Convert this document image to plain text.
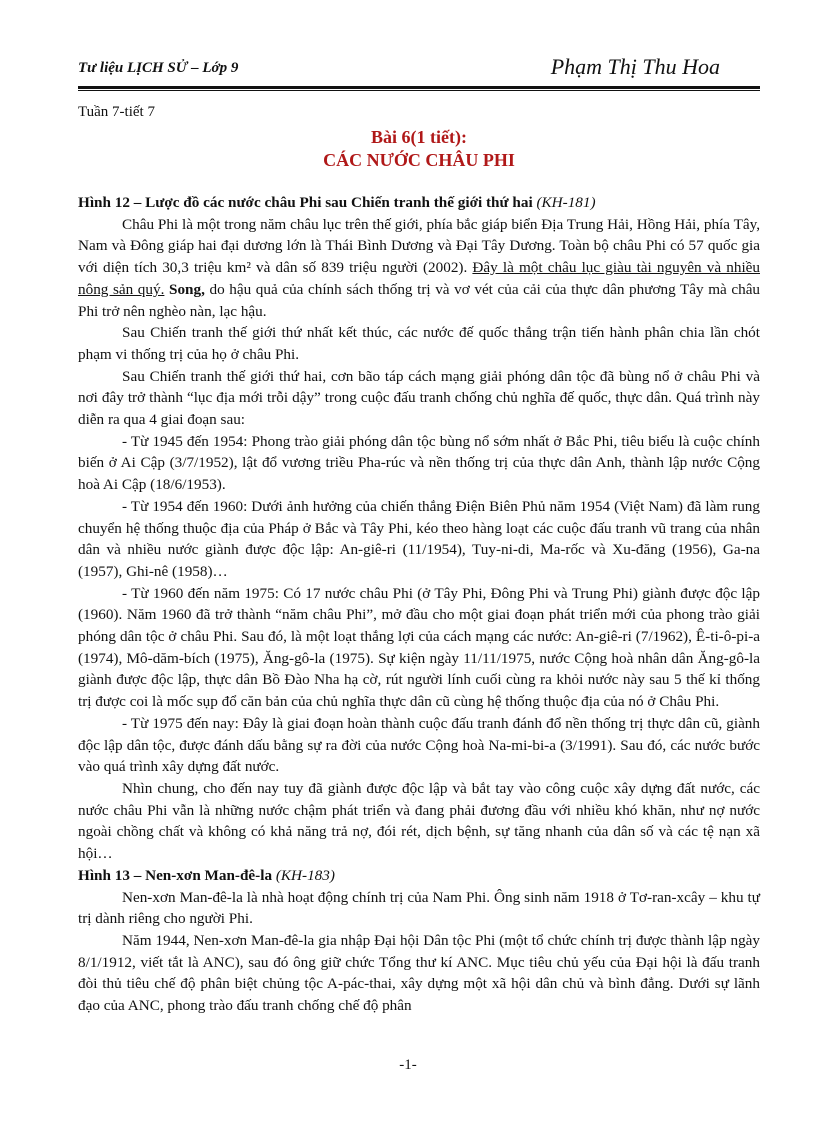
Tư liệu LỊCH SỬ – Lớp 9	Phạm Thị Thu Hoa
Tuần 7-tiết 7
Bài 6(1 tiết):
CÁC NƯỚC CHÂU PHI

Hình 12 – Lược đồ các nước châu Phi sau Chiến tranh thế giới thứ hai (KH-181)

Châu Phi là một trong năm châu lục trên thế giới, phía bắc giáp biển Địa Trung Hải, Hồng Hải, phía Tây, Nam và Đông giáp hai đại dương lớn là Thái Bình Dương và Đại Tây Dương. Toàn bộ châu Phi có 57 quốc gia với diện tích 30,3 triệu km² và dân số 839 triệu người (2002). Đây là một châu lục giàu tài nguyên và nhiều nông sản quý. Song, do hậu quả của chính sách thống trị và vơ vét của cải của thực dân phương Tây mà châu Phi trở nên nghèo nàn, lạc hậu.

Sau Chiến tranh thế giới thứ nhất kết thúc, các nước đế quốc thắng trận tiến hành phân chia lần chót phạm vi thống trị của họ ở châu Phi.

Sau Chiến tranh thế giới thứ hai, cơn bão táp cách mạng giải phóng dân tộc đã bùng nổ ở châu Phi và nơi đây trở thành “lục địa mới trỗi dậy” trong cuộc đấu tranh chống chủ nghĩa đế quốc, thực dân. Quá trình này diễn ra qua 4 giai đoạn sau:

- Từ 1945 đến 1954: Phong trào giải phóng dân tộc bùng nổ sớm nhất ở Bắc Phi, tiêu biểu là cuộc chính biến ở Ai Cập (3/7/1952), lật đổ vương triều Pha-rúc và nền thống trị của thực dân Anh, thành lập nước Cộng hoà Ai Cập (18/6/1953).

- Từ 1954 đến 1960: Dưới ảnh hưởng của chiến thắng Điện Biên Phủ năm 1954 (Việt Nam) đã làm rung chuyển hệ thống thuộc địa của Pháp ở Bắc và Tây Phi, kéo theo hàng loạt các cuộc đấu tranh vũ trang của nhân dân và nhiều nước giành được độc lập: An-giê-ri (11/1954), Tuy-ni-di, Ma-rốc và Xu-đăng (1956), Ga-na (1957), Ghi-nê (1958)…

- Từ 1960 đến năm 1975: Có 17 nước châu Phi (ở Tây Phi, Đông Phi và Trung Phi) giành được độc lập (1960). Năm 1960 đã trở thành “năm châu Phi”, mở đầu cho một giai đoạn phát triển mới của phong trào giải phóng dân tộc ở châu Phi. Sau đó, là một loạt thắng lợi của cách mạng các nước: An-giê-ri (7/1962), Ê-ti-ô-pi-a (1974), Mô-dăm-bích (1975), Ăng-gô-la (1975). Sự kiện ngày 11/11/1975, nước Cộng hoà nhân dân Ăng-gô-la giành được độc lập, thực dân Bồ Đào Nha hạ cờ, rút người lính cuối cùng ra khỏi nước này sau 5 thế kỉ thống trị được coi là mốc sụp đổ căn bản của chủ nghĩa thực dân cũ cùng hệ thống thuộc địa của nó ở Châu Phi.

- Từ 1975 đến nay: Đây là giai đoạn hoàn thành cuộc đấu tranh đánh đổ nền thống trị thực dân cũ, giành độc lập dân tộc, được đánh dấu bằng sự ra đời của nước Cộng hoà Na-mi-bi-a (3/1991). Sau đó, các nước bước vào quá trình xây dựng đất nước.

Nhìn chung, cho đến nay tuy đã giành được độc lập và bắt tay vào công cuộc xây dựng đất nước, các nước châu Phi vẫn là những nước chậm phát triển và đang phải đương đầu với nhiều khó khăn, như nợ nước ngoài chồng chất và không có khả năng trả nợ, đói rét, dịch bệnh, sự tăng nhanh của dân số và các tệ nạn xã hội…

Hình 13 – Nen-xơn Man-đê-la (KH-183)

Nen-xơn Man-đê-la là nhà hoạt động chính trị của Nam Phi. Ông sinh năm 1918 ở Tơ-ran-xcây – khu tự trị dành riêng cho người Phi.

Năm 1944, Nen-xơn Man-đê-la gia nhập Đại hội Dân tộc Phi (một tổ chức chính trị được thành lập ngày 8/1/1912, viết tắt là ANC), sau đó ông giữ chức Tổng thư kí ANC. Mục tiêu chủ yếu của Đại hội là đấu tranh đòi thủ tiêu chế độ phân biệt chủng tộc A-pác-thai, xây dựng một xã hội dân chủ và bình đẳng. Dưới sự lãnh đạo của ANC, phong trào đấu tranh chống chế độ phân

-1-
